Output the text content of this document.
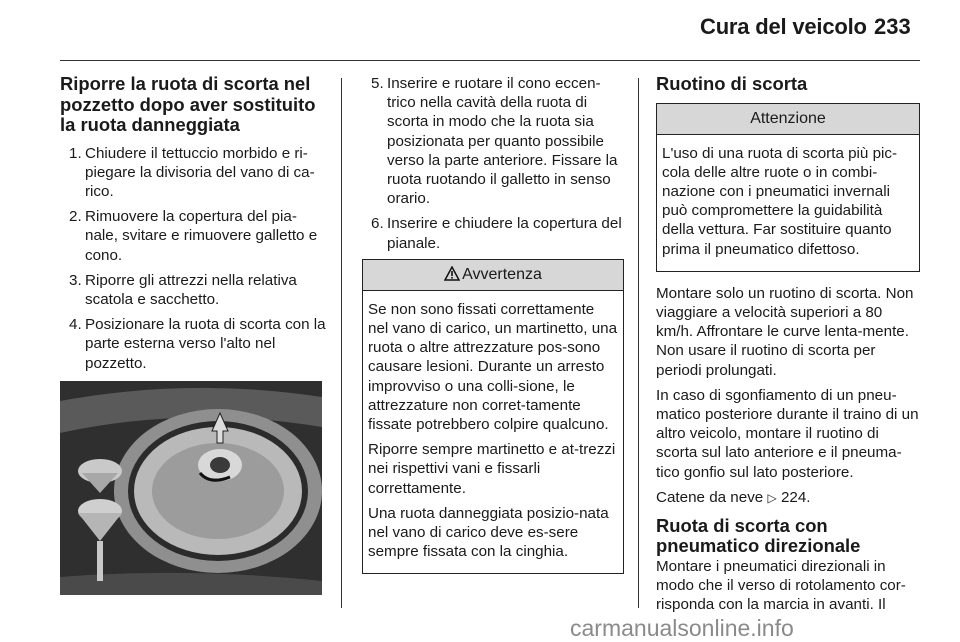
Cura del veicolo 233
Riporre la ruota di scorta nel pozzetto dopo aver sostituito la ruota danneggiata
1. Chiudere il tettuccio morbido e ri-piegare la divisoria del vano di ca-rico.
2. Rimuovere la copertura del pia-nale, svitare e rimuovere galletto e cono.
3. Riporre gli attrezzi nella relativa scatola e sacchetto.
4. Posizionare la ruota di scorta con la parte esterna verso l'alto nel pozzetto.
5. Inserire e ruotare il cono eccen-trico nella cavità della ruota di scorta in modo che la ruota sia posizionata per quanto possibile verso la parte anteriore. Fissare la ruota ruotando il galletto in senso orario.
6. Inserire e chiudere la copertura del pianale.
Avvertenza

Se non sono fissati correttamente nel vano di carico, un martinetto, una ruota o altre attrezzature pos-sono causare lesioni. Durante un arresto improvviso o una colli-sione, le attrezzature non corret-tamente fissate potrebbero colpire qualcuno.

Riporre sempre martinetto e at-trezzi nei rispettivi vani e fissarli correttamente.

Una ruota danneggiata posizio-nata nel vano di carico deve es-sere sempre fissata con la cinghia.

Ruotino di scorta
Attenzione

L'uso di una ruota di scorta più pic-cola delle altre ruote o in combi-nazione con i pneumatici invernali può compromettere la guidabilità della vettura. Far sostituire quanto prima il pneumatico difettoso.

Montare solo un ruotino di scorta. Non viaggiare a velocità superiori a 80 km/h. Affrontare le curve lenta-mente. Non usare il ruotino di scorta per periodi prolungati.

In caso di sgonfiamento di un pneu-matico posteriore durante il traino di un altro veicolo, montare il ruotino di scorta sul lato anteriore e il pneuma-tico gonfio sul lato posteriore.

Catene da neve ▷ 224.

Ruota di scorta con pneumatico direzionale

Montare i pneumatici direzionali in modo che il verso di rotolamento cor-risponda con la marcia in avanti. Il

carmanualsonline.info
